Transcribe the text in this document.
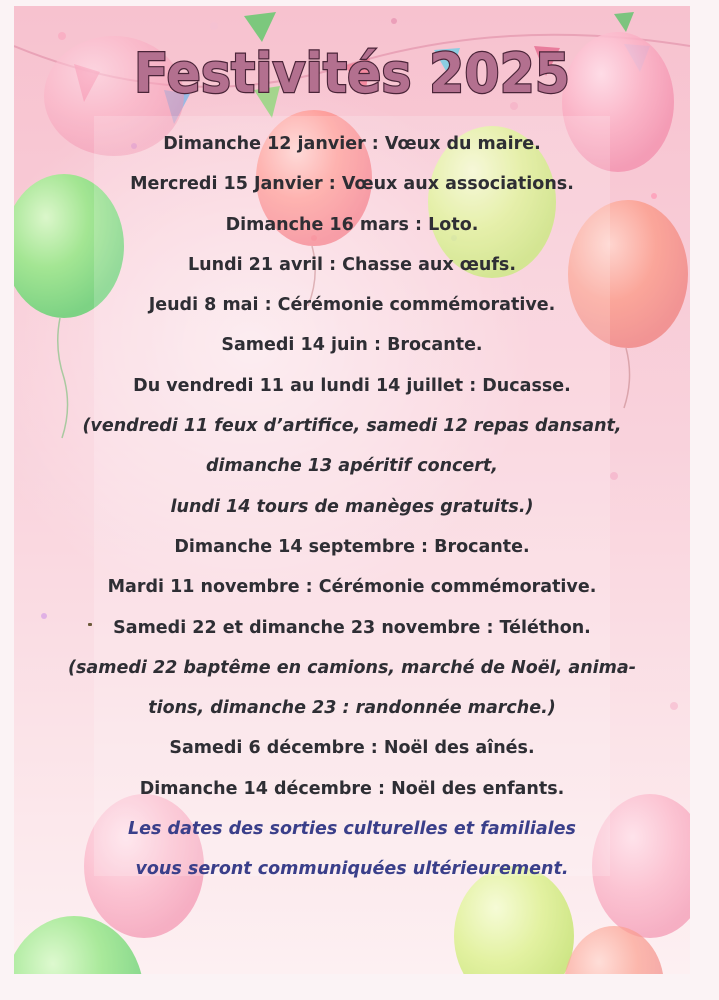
Festivités 2025
Dimanche 12 janvier : Vœux du maire.
Mercredi 15 Janvier : Vœux aux associations.
Dimanche 16 mars : Loto.
Lundi 21 avril : Chasse aux œufs.
Jeudi 8 mai : Cérémonie commémorative.
Samedi 14 juin : Brocante.
Du vendredi 11 au lundi 14 juillet : Ducasse.
(vendredi 11 feux d’artifice, samedi 12 repas dansant,
dimanche 13 apéritif concert,
lundi 14 tours de manèges gratuits.)
Dimanche 14 septembre : Brocante.
Mardi 11 novembre : Cérémonie commémorative.
Samedi 22 et dimanche 23 novembre : Téléthon.
(samedi 22 baptême en camions, marché de Noël, anima-
tions, dimanche 23 : randonnée marche.)
Samedi 6 décembre : Noël des aînés.
Dimanche 14 décembre : Noël des enfants.
Les dates des sorties culturelles et familiales
vous seront communiquées ultérieurement.
